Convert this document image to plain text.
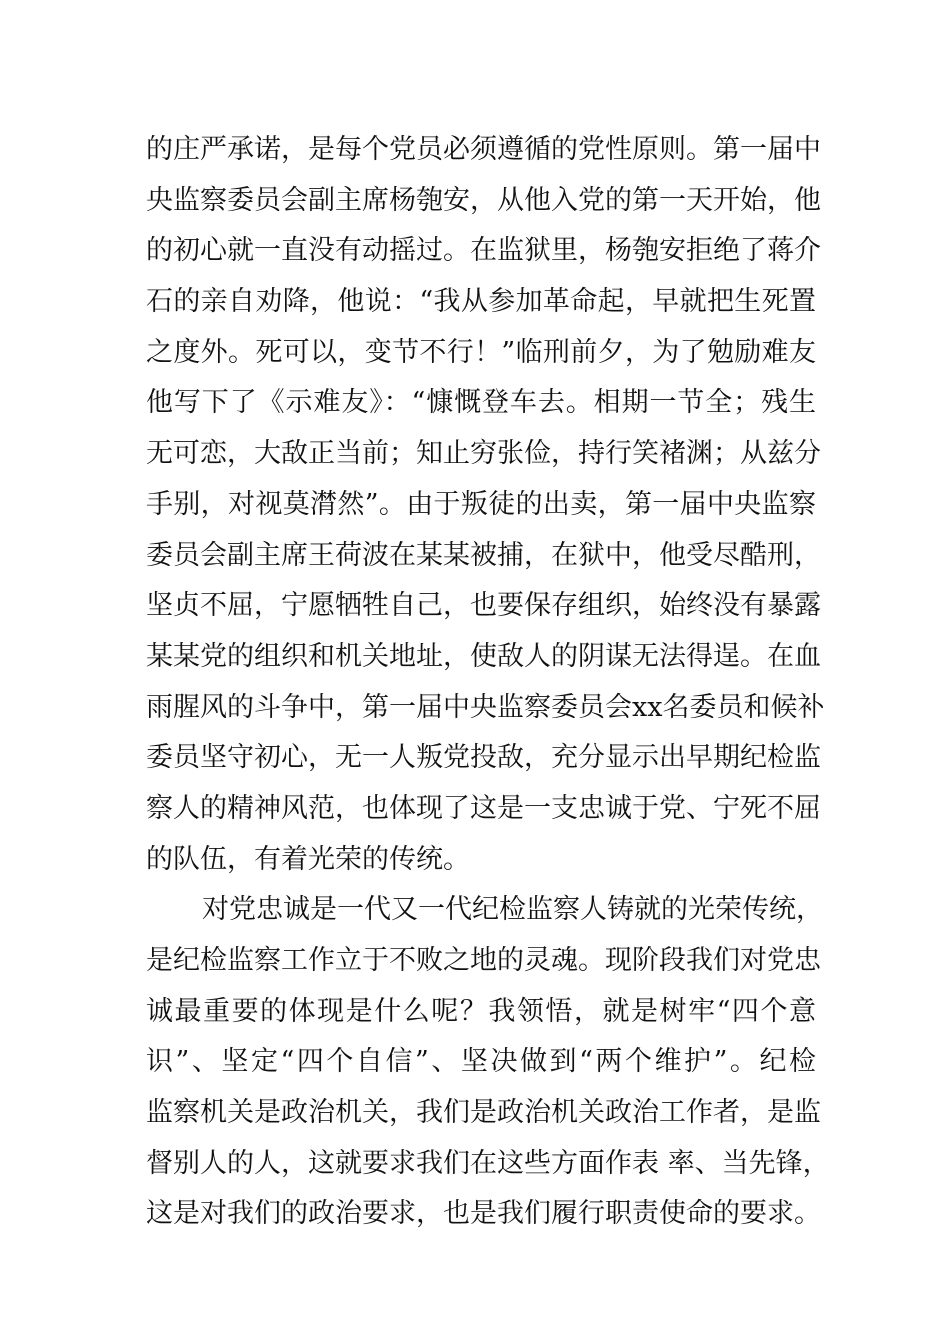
的庄严承诺，是每个党员必须遵循的党性原则。第一届中
央监察委员会副主席杨匏安，从他入党的第一天开始，他
的初心就一直没有动摇过。在监狱里，杨匏安拒绝了蒋介
石的亲自劝降，他说：“我从参加革命起，早就把生死置
之度外。死可以，变节不行！”临刑前夕，为了勉励难友
他写下了《示难友》：“慷慨登车去。相期一节全；残生
无可恋，大敌正当前；知止穷张俭，持行笑褚渊；从兹分
手别，对视莫潸然”。由于叛徒的出卖，第一届中央监察
委员会副主席王荷波在某某被捕，在狱中，他受尽酷刑，
坚贞不屈，宁愿牺牲自己，也要保存组织，始终没有暴露
某某党的组织和机关地址，使敌人的阴谋无法得逞。在血
雨腥风的斗争中，第一届中央监察委员会xx名委员和候补
委员坚守初心，无一人叛党投敌，充分显示出早期纪检监
察人的精神风范，也体现了这是一支忠诚于党、宁死不屈
的队伍，有着光荣的传统。
对党忠诚是一代又一代纪检监察人铸就的光荣传统，
是纪检监察工作立于不败之地的灵魂。现阶段我们对党忠
诚最重要的体现是什么呢？我领悟，就是树牢“四个意
识”、坚定“四个自信”、坚决做到“两个维护”。纪检
监察机关是政治机关，我们是政治机关政治工作者，是监
督别人的人，这就要求我们在这些方面作表 率、当先锋，
这是对我们的政治要求，也是我们履行职责使命的要求。
